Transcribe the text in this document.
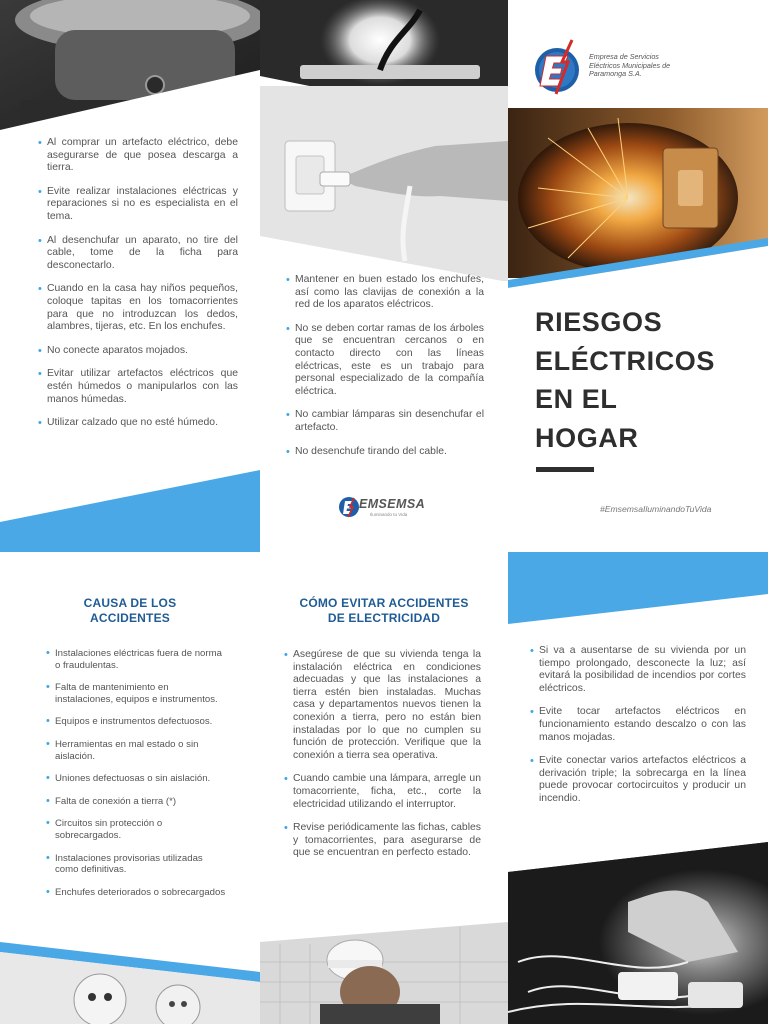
• Al comprar un artefacto eléctrico, debe asegurarse de que posea descarga a tierra.
• Evite realizar instalaciones eléctricas y reparaciones si no es especialista en el tema.
• Al desenchufar un aparato, no tire del cable, tome de la ficha para desconectarlo.
• Cuando en la casa hay niños pequeños, coloque tapitas en los tomacorrientes para que no introduzcan los dedos, alambres, tijeras, etc. En los enchufes.
• No conecte aparatos mojados.
• Evitar utilizar artefactos eléctricos que estén húmedos o manipularlos con las manos húmedas.
• Utilizar calzado que no esté húmedo.
• Mantener en buen estado los enchufes, así como las clavijas de conexión a la red de los aparatos eléctricos.
• No se deben cortar ramas de los árboles que se encuentran cercanos o en contacto directo con las líneas eléctricas, este es un trabajo para personal especializado de la compañía eléctrica.
• No cambiar lámparas sin desenchufar el artefacto.
• No desenchufe tirando del cable.
EMSEMSA
Iluminando tu Vida
Empresa de Servicios
Eléctricos Municipales de
Paramonga S.A.
RIESGOS
ELÉCTRICOS
EN EL
HOGAR
#EmsemsaIluminandoTuVida
CAUSA DE LOS
ACCIDENTES
• Instalaciones eléctricas fuera de norma o fraudulentas.
• Falta de mantenimiento en instalaciones, equipos e instrumentos.
• Equipos e instrumentos defectuosos.
• Herramientas en mal estado o sin aislación.
• Uniones defectuosas o sin aislación.
• Falta de conexión a tierra (*)
• Circuitos sin protección o sobrecargados.
• Instalaciones provisorias utilizadas como definitivas.
• Enchufes deteriorados o sobrecargados
CÓMO EVITAR ACCIDENTES
DE ELECTRICIDAD
• Asegúrese de que su vivienda tenga la instalación eléctrica en condiciones adecuadas y que las instalaciones a tierra estén bien instaladas. Muchas casa y departamentos nuevos tienen la conexión a tierra, pero no están bien instaladas por lo que no cumplen su función de protección. Verifique que la conexión a tierra sea operativa.
• Cuando cambie una lámpara, arregle un tomacorriente, ficha, etc., corte la electricidad utilizando el interruptor.
• Revise periódicamente las fichas, cables y tomacorrientes, para asegurarse de que se encuentran en perfecto estado.
• Si va a ausentarse de su vivienda por un tiempo prolongado, desconecte la luz; así evitará la posibilidad de incendios por cortes eléctricos.
• Evite tocar artefactos eléctricos en funcionamiento estando descalzo o con las manos mojadas.
• Evite conectar varios artefactos eléctricos a derivación triple; la sobrecarga en la línea puede provocar cortocircuitos y producir un incendio.
